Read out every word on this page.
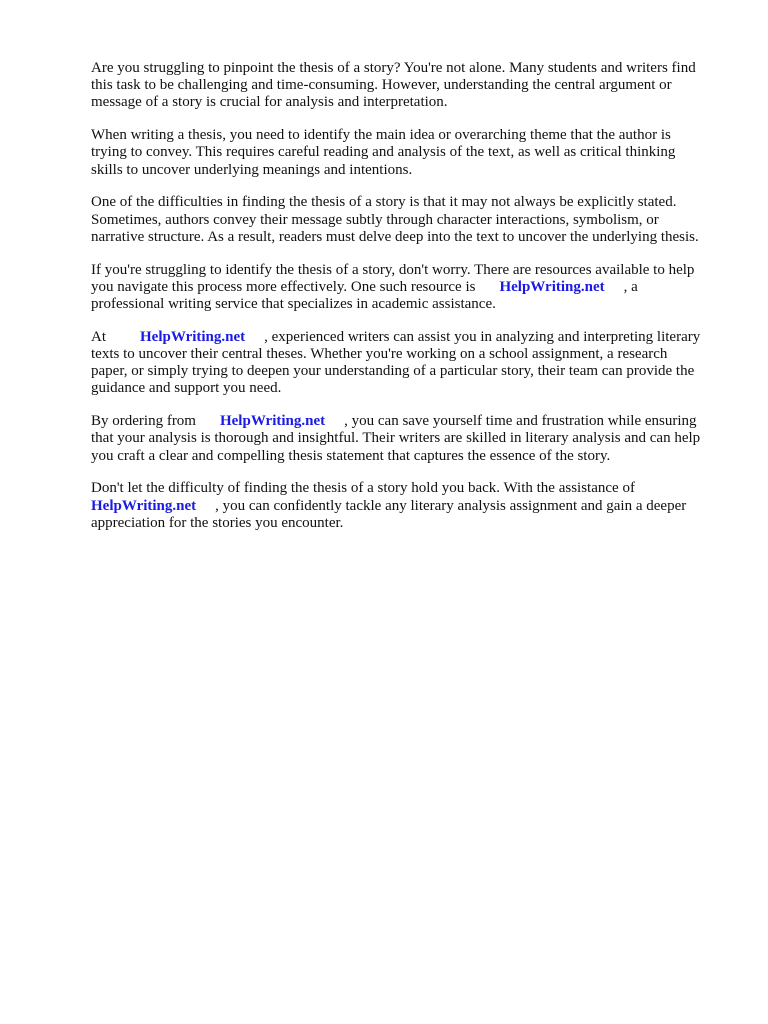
Are you struggling to pinpoint the thesis of a story? You're not alone. Many students and writers find
this task to be challenging and time-consuming. However, understanding the central argument or
message of a story is crucial for analysis and interpretation.

When writing a thesis, you need to identify the main idea or overarching theme that the author is
trying to convey. This requires careful reading and analysis of the text, as well as critical thinking
skills to uncover underlying meanings and intentions.

One of the difficulties in finding the thesis of a story is that it may not always be explicitly stated.
Sometimes, authors convey their message subtly through character interactions, symbolism, or
narrative structure. As a result, readers must delve deep into the text to uncover the underlying thesis.

If you're struggling to identify the thesis of a story, don't worry. There are resources available to help
you navigate this process more effectively. One such resource is HelpWriting.net , a
professional writing service that specializes in academic assistance.

At HelpWriting.net , experienced writers can assist you in analyzing and interpreting literary
texts to uncover their central theses. Whether you're working on a school assignment, a research
paper, or simply trying to deepen your understanding of a particular story, their team can provide the
guidance and support you need.

By ordering from HelpWriting.net , you can save yourself time and frustration while ensuring
that your analysis is thorough and insightful. Their writers are skilled in literary analysis and can help
you craft a clear and compelling thesis statement that captures the essence of the story.

Don't let the difficulty of finding the thesis of a story hold you back. With the assistance of
HelpWriting.net , you can confidently tackle any literary analysis assignment and gain a deeper
appreciation for the stories you encounter.
